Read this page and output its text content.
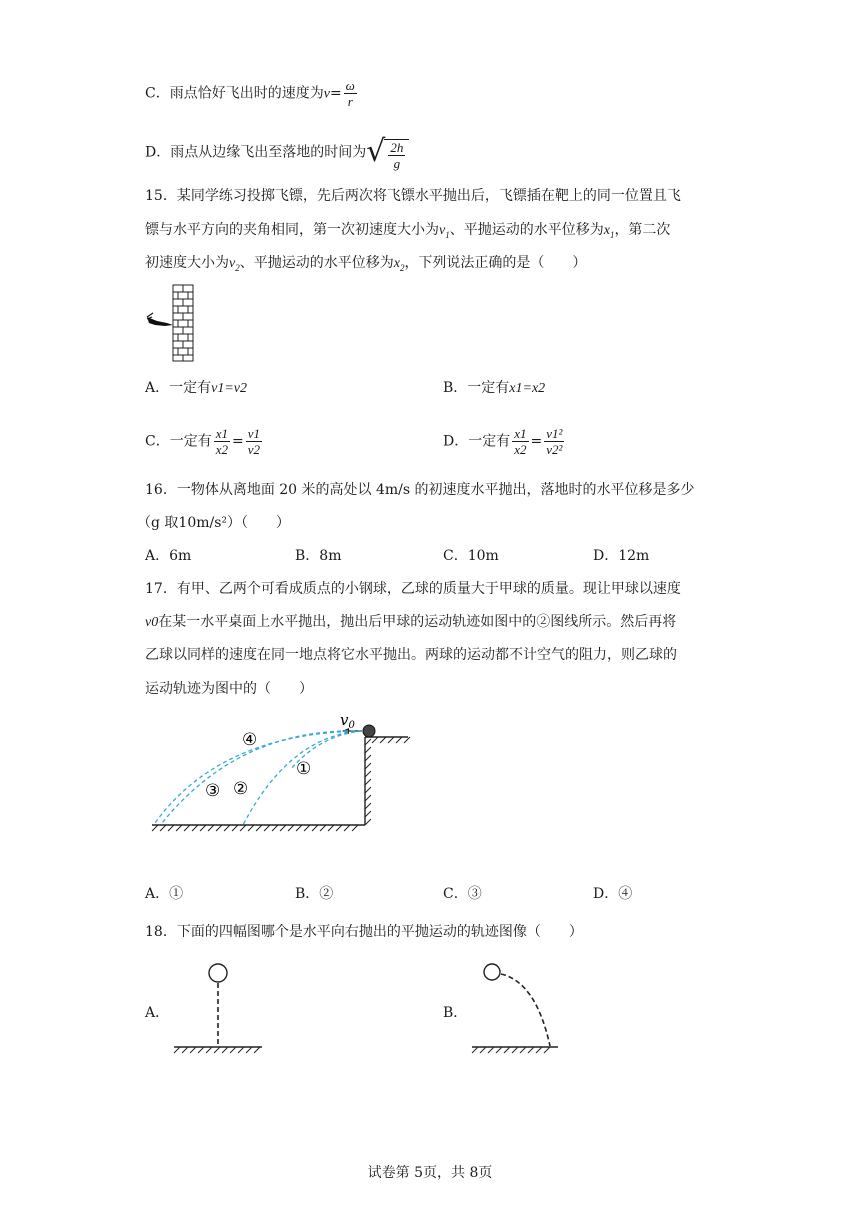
C．雨点恰好飞出时的速度为$v= \frac{\omega}{r}$
D．雨点从边缘飞出至落地的时间为 √ $\frac{2h}{g}$
15．某同学练习投掷飞镖，先后两次将飞镖水平抛出后，飞镖插在靶上的同一位置且飞
镖与水平方向的夹角相同，第一次初速度大小为$v_1$、平抛运动的水平位移为$x_1$，第二次
初速度大小为$v_2$、平抛运动的水平位移为$x_2$，下列说法正确的是（　　）
A．一定有v1=v2	B．一定有x1=x2
C．一定有 $\frac{x1}{x2} = \frac{v1}{v2}$	D．一定有 $\frac{x1}{x2} = \frac{\text{v1²}}{\text{v2²}}$
16．一物体从离地面 20 米的高处以 4m/s 的初速度水平抛出，落地时的水平位移是多少
（g 取10m/s²）（　　）
A．6m	B．8m	C．10m	D．12m
17．有甲、乙两个可看成质点的小钢球，乙球的质量大于甲球的质量。现让甲球以速度
v0在某一水平桌面上水平抛出，抛出后甲球的运动轨迹如图中的②图线所示。然后再将
乙球以同样的速度在同一地点将它水平抛出。两球的运动都不计空气的阻力，则乙球的
运动轨迹为图中的（　　）
$v_0$
④
①
②
③
A．①	B．②	C．③	D．④
18．下面的四幅图哪个是水平向右抛出的平抛运动的轨迹图像（　　）
A．	B．
试卷第 5页，共 8页
